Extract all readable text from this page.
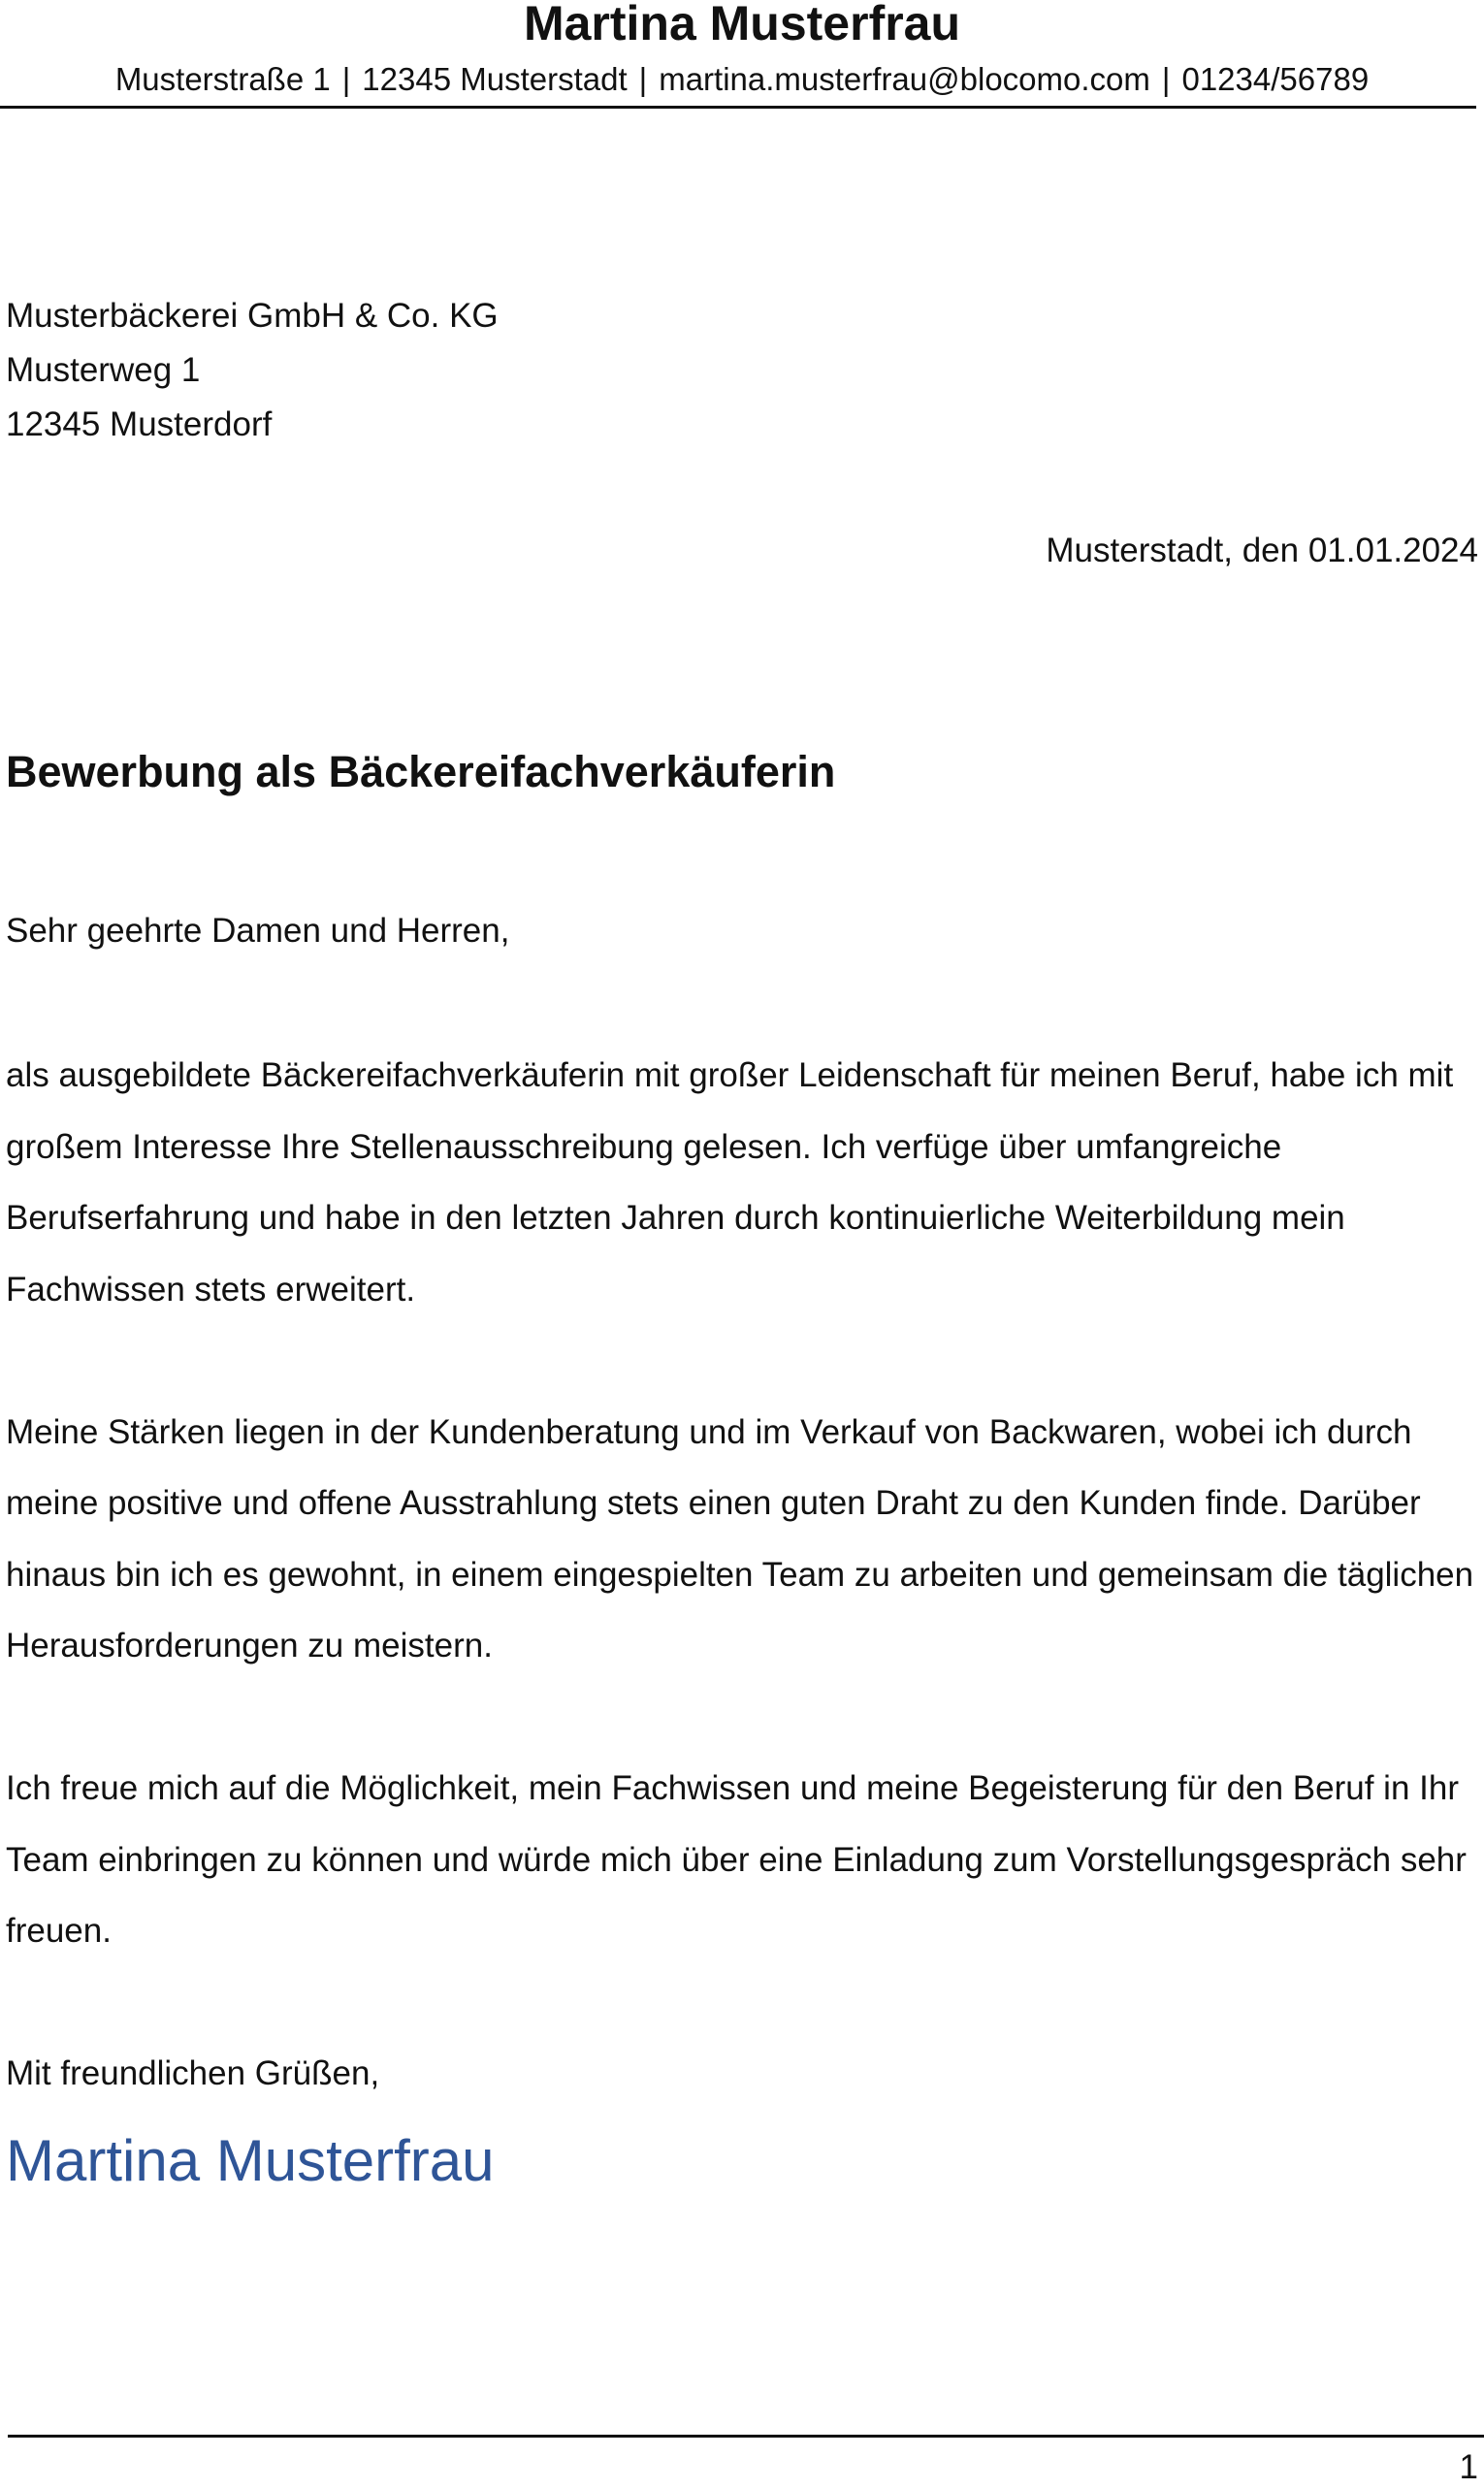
Martina Musterfrau
Musterstraße 1 | 12345 Musterstadt | martina.musterfrau@blocomo.com | 01234/56789
Musterbäckerei GmbH & Co. KG
Musterweg 1
12345 Musterdorf
Musterstadt, den 01.01.2024
Bewerbung als Bäckereifachverkäuferin
Sehr geehrte Damen und Herren,

als ausgebildete Bäckereifachverkäuferin mit großer Leidenschaft für meinen Beruf, habe ich mit großem Interesse Ihre Stellenausschreibung gelesen. Ich verfüge über umfangreiche Berufserfahrung und habe in den letzten Jahren durch kontinuierliche Weiterbildung mein Fachwissen stets erweitert.

Meine Stärken liegen in der Kundenberatung und im Verkauf von Backwaren, wobei ich durch meine positive und offene Ausstrahlung stets einen guten Draht zu den Kunden finde. Darüber hinaus bin ich es gewohnt, in einem eingespielten Team zu arbeiten und gemeinsam die täglichen Herausforderungen zu meistern.

Ich freue mich auf die Möglichkeit, mein Fachwissen und meine Begeisterung für den Beruf in Ihr Team einbringen zu können und würde mich über eine Einladung zum Vorstellungsgespräch sehr freuen.

Mit freundlichen Grüßen,
Martina Musterfrau
1
